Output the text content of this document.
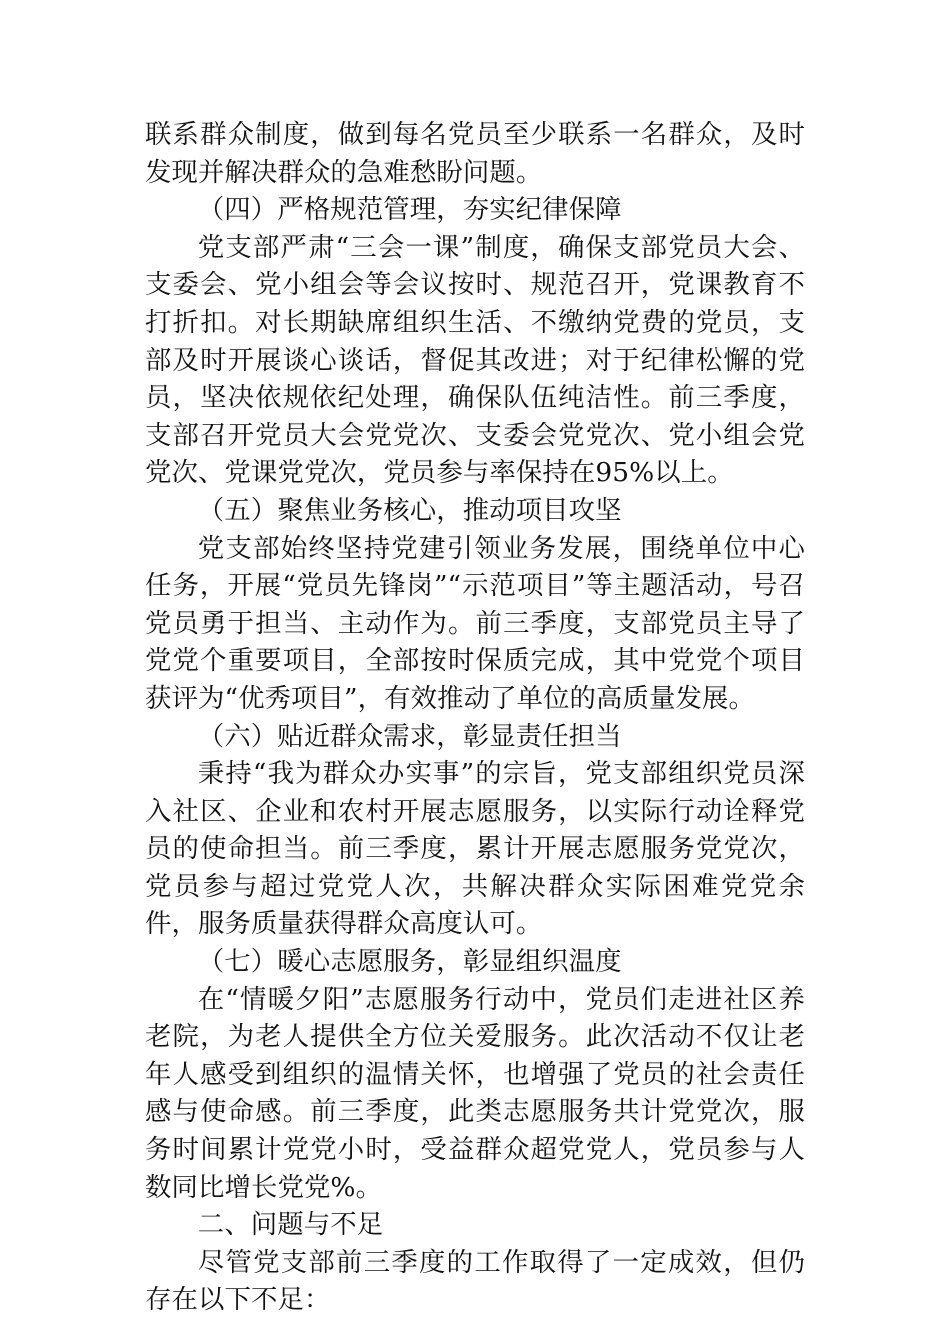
联系群众制度，做到每名党员至少联系一名群众，及时发现并解决群众的急难愁盼问题。

（四）严格规范管理，夯实纪律保障

党支部严肃“三会一课”制度，确保支部党员大会、支委会、党小组会等会议按时、规范召开，党课教育不打折扣。对长期缺席组织生活、不缴纳党费的党员，支部及时开展谈心谈话，督促其改进；对于纪律松懈的党员，坚决依规依纪处理，确保队伍纯洁性。前三季度，支部召开党员大会党党次、支委会党党次、党小组会党党次、党课党党次，党员参与率保持在95%以上。

（五）聚焦业务核心，推动项目攻坚

党支部始终坚持党建引领业务发展，围绕单位中心任务，开展“党员先锋岗”“示范项目”等主题活动，号召党员勇于担当、主动作为。前三季度，支部党员主导了党党个重要项目，全部按时保质完成，其中党党个项目获评为“优秀项目”，有效推动了单位的高质量发展。

（六）贴近群众需求，彰显责任担当

秉持“我为群众办实事”的宗旨，党支部组织党员深入社区、企业和农村开展志愿服务，以实际行动诠释党员的使命担当。前三季度，累计开展志愿服务党党次，党员参与超过党党人次，共解决群众实际困难党党余件，服务质量获得群众高度认可。

（七）暖心志愿服务，彰显组织温度

在“情暖夕阳”志愿服务行动中，党员们走进社区养老院，为老人提供全方位关爱服务。此次活动不仅让老年人感受到组织的温情关怀，也增强了党员的社会责任感与使命感。前三季度，此类志愿服务共计党党次，服务时间累计党党小时，受益群众超党党人，党员参与人数同比增长党党%。

二、问题与不足

尽管党支部前三季度的工作取得了一定成效，但仍存在以下不足：
